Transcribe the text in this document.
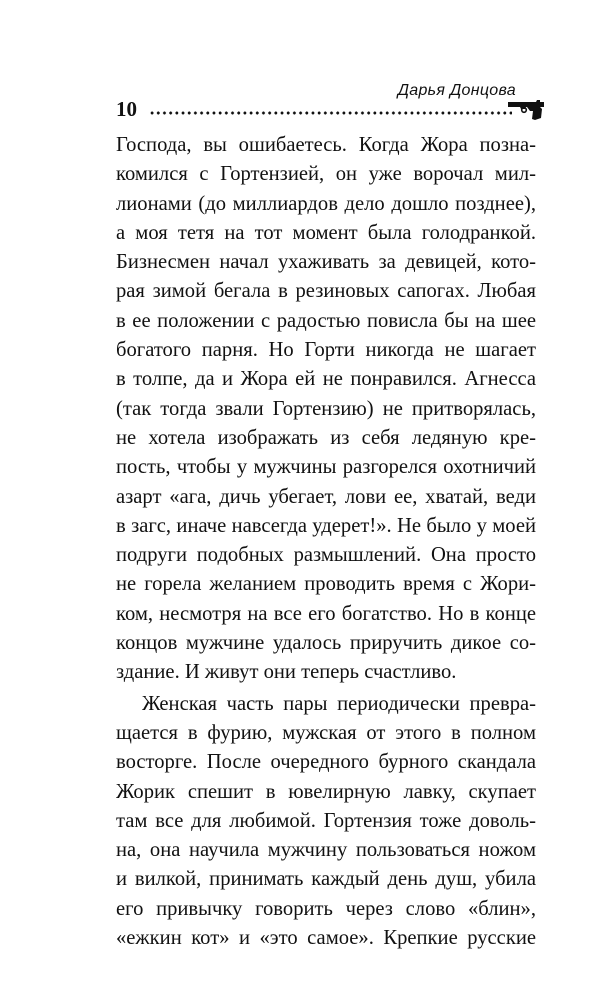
Дарья Донцова
10
Господа, вы ошибаетесь. Когда Жора позна-
комился с Гортензией, он уже ворочал мил-
лионами (до миллиардов дело дошло позднее),
а моя тетя на тот момент была голодранкой.
Бизнесмен начал ухаживать за девицей, кото-
рая зимой бегала в резиновых сапогах. Любая
в ее положении с радостью повисла бы на шее
богатого парня. Но Горти никогда не шагает
в толпе, да и Жора ей не понравился. Агнесса
(так тогда звали Гортензию) не притворялась,
не хотела изображать из себя ледяную кре-
пость, чтобы у мужчины разгорелся охотничий
азарт «ага, дичь убегает, лови ее, хватай, веди
в загс, иначе навсегда удерет!». Не было у моей
подруги подобных размышлений. Она просто
не горела желанием проводить время с Жори-
ком, несмотря на все его богатство. Но в конце
концов мужчине удалось приручить дикое со-
здание. И живут они теперь счастливо.
Женская часть пары периодически превра-
щается в фурию, мужская от этого в полном
восторге. После очередного бурного скандала
Жорик спешит в ювелирную лавку, скупает
там все для любимой. Гортензия тоже доволь-
на, она научила мужчину пользоваться ножом
и вилкой, принимать каждый день душ, убила
его привычку говорить через слово «блин»,
«ежкин кот» и «это самое». Крепкие русские
